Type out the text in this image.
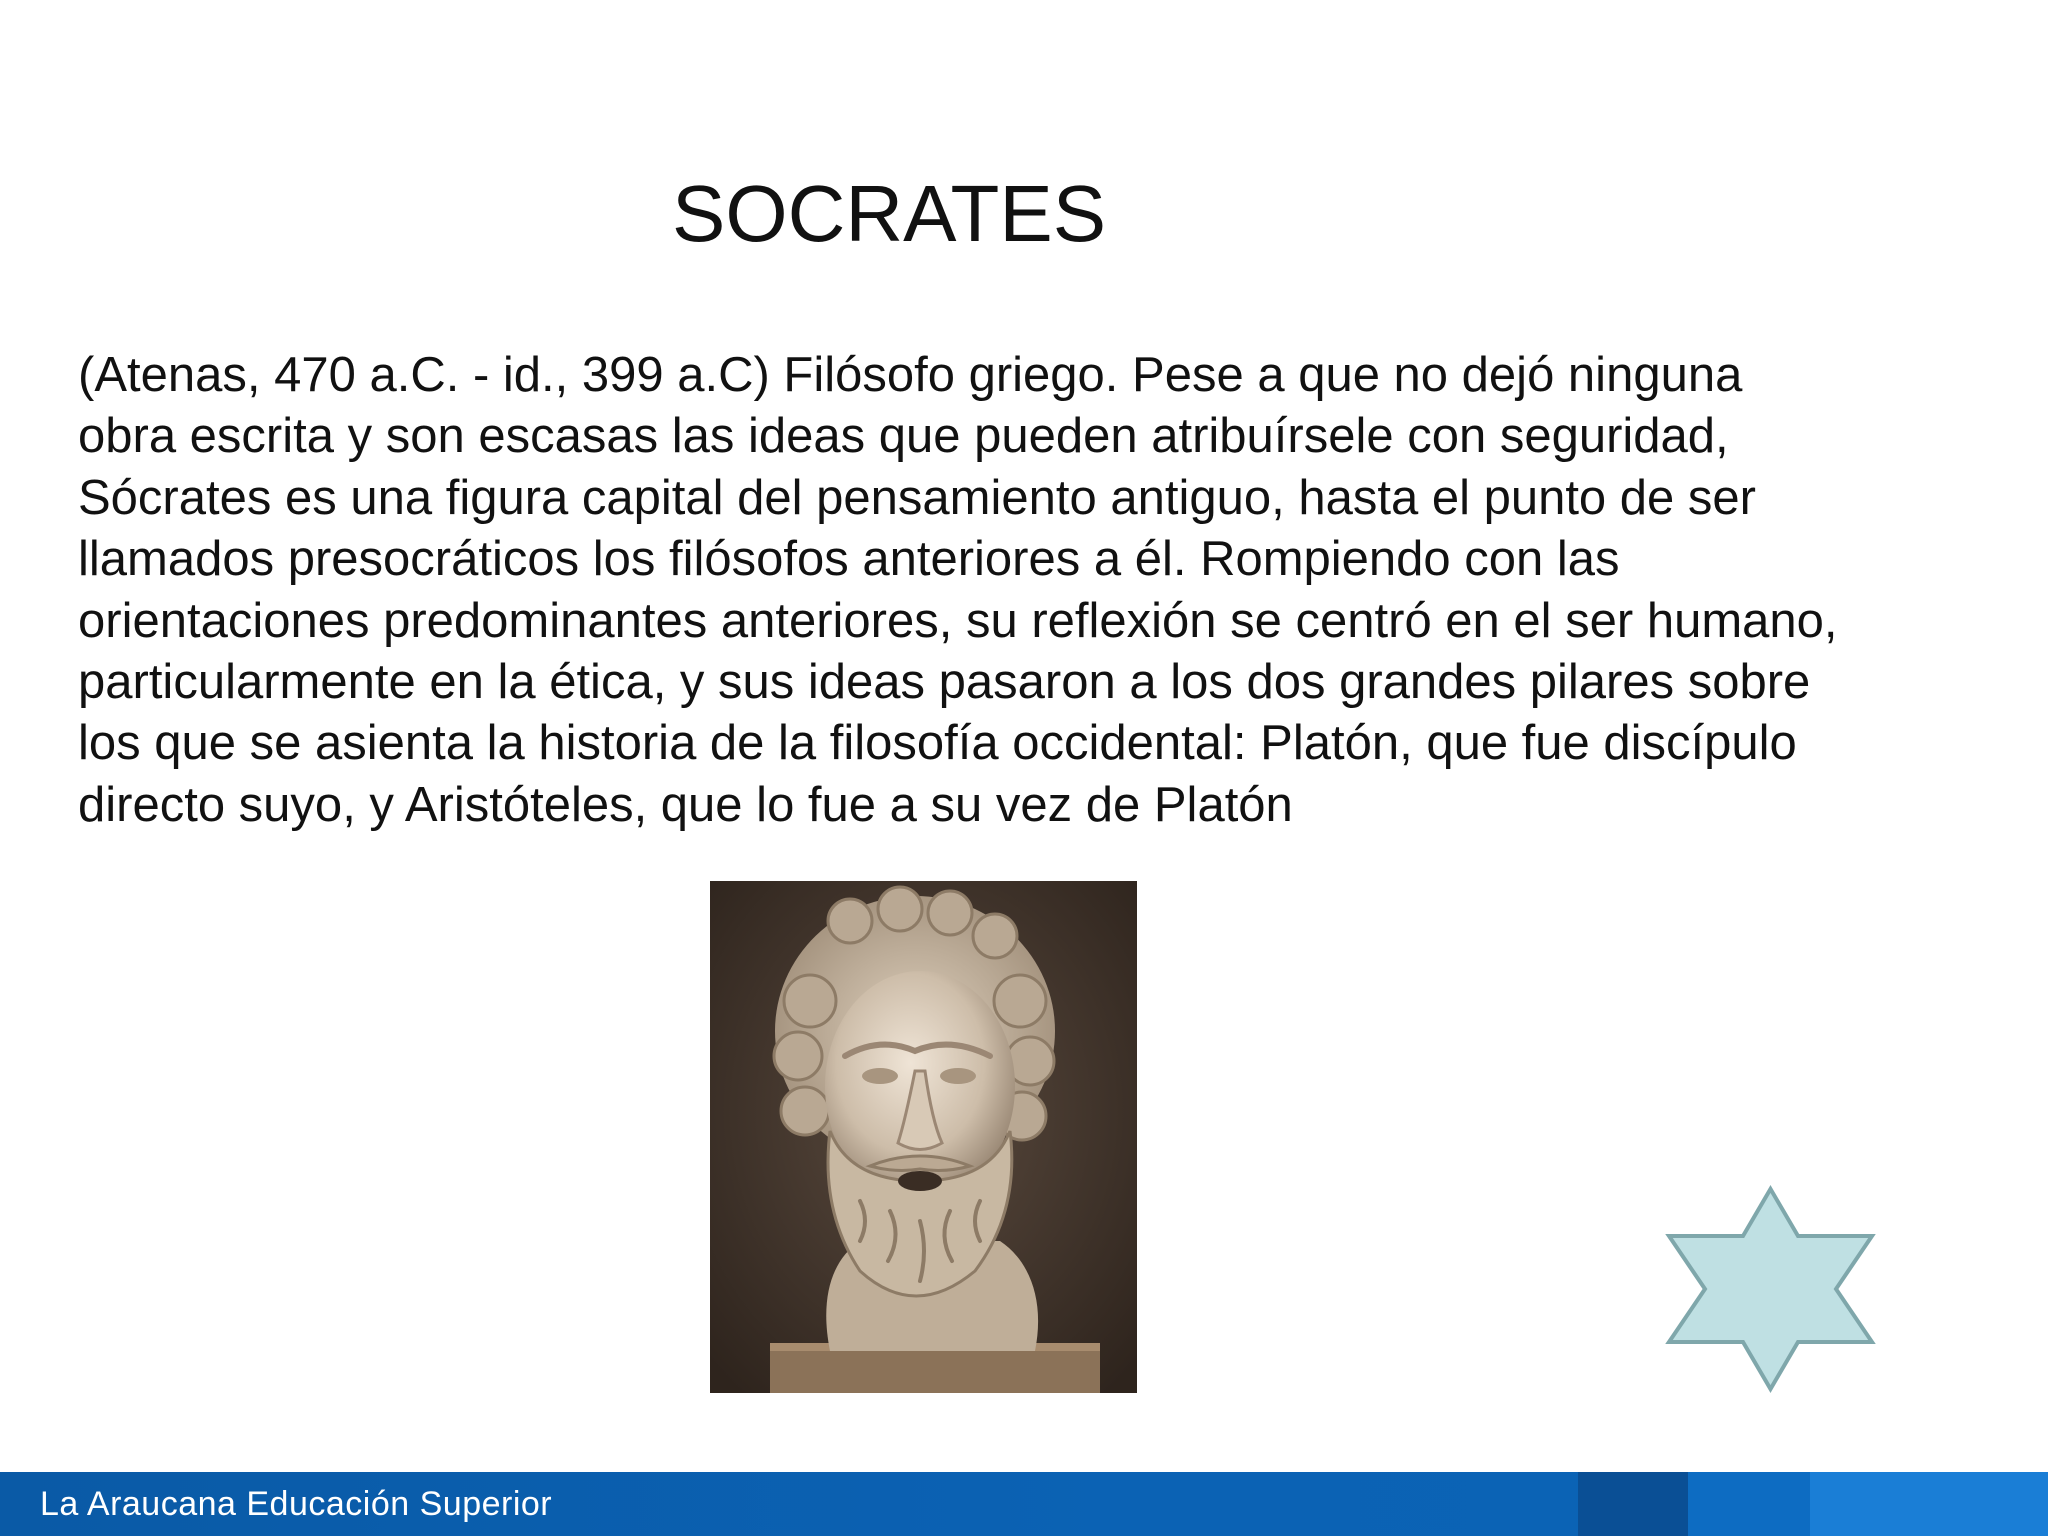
SOCRATES
(Atenas, 470 a.C. - id., 399 a.C) Filósofo griego. Pese a que no dejó ninguna
obra escrita y son escasas las ideas que pueden atribuírsele con seguridad,
Sócrates es una figura capital del pensamiento antiguo, hasta el punto de ser
llamados presocráticos los filósofos anteriores a él. Rompiendo con las
orientaciones predominantes anteriores, su reflexión se centró en el ser humano,
particularmente en la ética, y sus ideas pasaron a los dos grandes pilares sobre
los que se asienta la historia de la filosofía occidental: Platón, que fue discípulo
directo suyo, y Aristóteles, que lo fue a su vez de Platón
La Araucana Educación Superior
